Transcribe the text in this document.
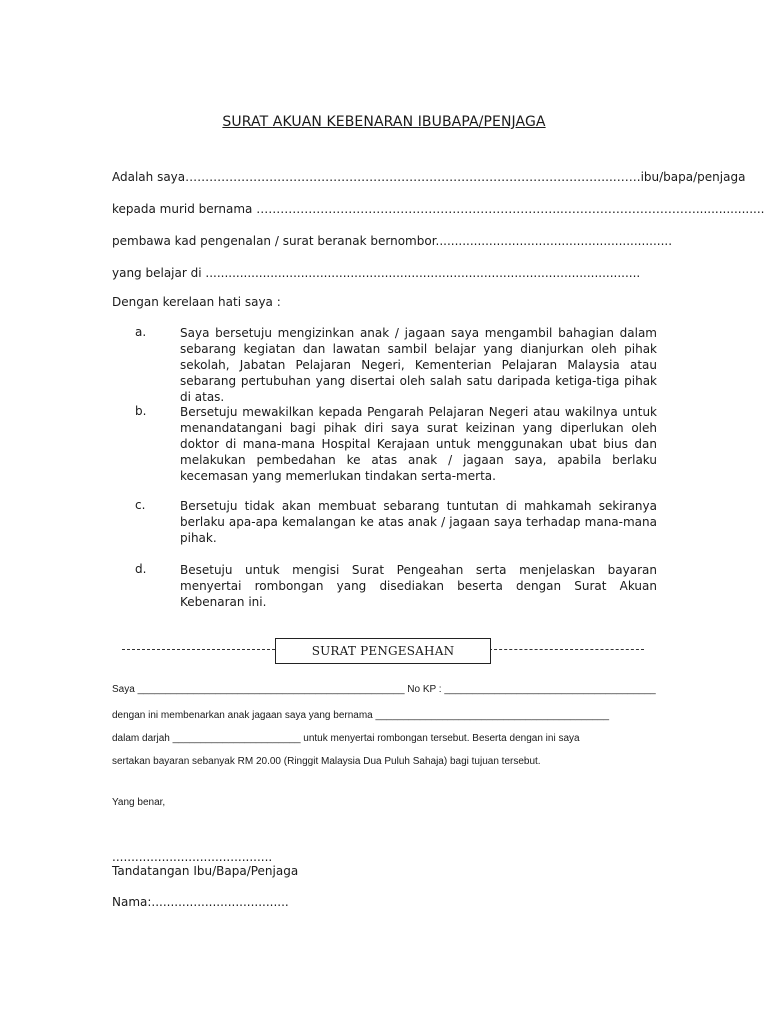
SURAT AKUAN KEBENARAN IBUBAPA/PENJAGA
Adalah saya……………………………………………………………………………………………..…….ibu/bapa/penjaga
kepada murid bernama …………………………………………………………………..……………………………..................
pembawa kad pengenalan / surat beranak bernombor..............................................................
yang belajar di ..................................................................................................................
Dengan kerelaan hati saya :
a.	Saya bersetuju mengizinkan anak / jagaan saya mengambil bahagian dalam sebarang kegiatan dan lawatan sambil belajar yang dianjurkan oleh pihak sekolah, Jabatan Pelajaran Negeri, Kementerian Pelajaran Malaysia atau sebarang pertubuhan yang disertai oleh salah satu daripada ketiga-tiga pihak di atas.
b.	Bersetuju mewakilkan kepada Pengarah Pelajaran Negeri atau wakilnya untuk menandatangani bagi pihak diri saya surat keizinan yang diperlukan oleh doktor di mana-mana Hospital Kerajaan untuk menggunakan ubat bius dan melakukan pembedahan ke atas anak / jagaan saya, apabila berlaku kecemasan yang memerlukan tindakan serta-merta.
c.	Bersetuju tidak akan membuat sebarang tuntutan di mahkamah sekiranya berlaku apa-apa kemalangan ke atas anak / jagaan saya terhadap mana-mana pihak.
d.	Besetuju untuk mengisi Surat Pengeahan serta menjelaskan bayaran menyertai rombongan yang disediakan beserta dengan Surat Akuan Kebenaran ini.
SURAT PENGESAHAN
Saya ________________________________________________ No KP : ______________________________________
dengan ini membenarkan anak jagaan saya yang bernama __________________________________________
dalam darjah _______________________ untuk menyertai rombongan tersebut. Beserta dengan ini saya
sertakan bayaran sebanyak RM 20.00 (Ringgit Malaysia Dua Puluh Sahaja) bagi tujuan tersebut.
Yang benar,
..........................................
Tandatangan Ibu/Bapa/Penjaga
Nama:....................................
